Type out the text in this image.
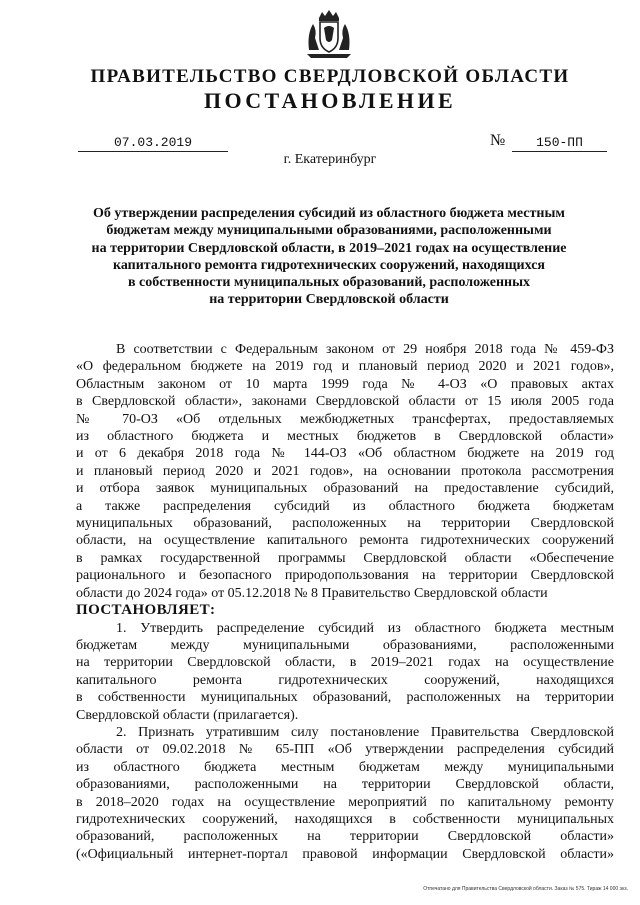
ПРАВИТЕЛЬСТВО СВЕРДЛОВСКОЙ ОБЛАСТИ
ПОСТАНОВЛЕНИЕ
07.03.2019	№	150-ПП
г. Екатеринбург
Об утверждении распределения субсидий из областного бюджета местным
бюджетам между муниципальными образованиями, расположенными
на территории Свердловской области, в 2019–2021 годах на осуществление
капитального ремонта гидротехнических сооружений, находящихся
в собственности муниципальных образований, расположенных
на территории Свердловской области
В соответствии с Федеральным законом от 29 ноября 2018 года № 459-ФЗ
«О федеральном бюджете на 2019 год и плановый период 2020 и 2021 годов»,
Областным законом от 10 марта 1999 года № 4-ОЗ «О правовых актах
в Свердловской области», законами Свердловской области от 15 июля 2005 года
№ 70-ОЗ «Об отдельных межбюджетных трансфертах, предоставляемых
из областного бюджета и местных бюджетов в Свердловской области»
и от 6 декабря 2018 года № 144-ОЗ «Об областном бюджете на 2019 год
и плановый период 2020 и 2021 годов», на основании протокола рассмотрения
и отбора заявок муниципальных образований на предоставление субсидий,
а также распределения субсидий из областного бюджета бюджетам
муниципальных образований, расположенных на территории Свердловской
области, на осуществление капитального ремонта гидротехнических сооружений
в рамках государственной программы Свердловской области «Обеспечение
рационального и безопасного природопользования на территории Свердловской
области до 2024 года» от 05.12.2018 № 8 Правительство Свердловской области
ПОСТАНОВЛЯЕТ:
1. Утвердить распределение субсидий из областного бюджета местным
бюджетам между муниципальными образованиями, расположенными
на территории Свердловской области, в 2019–2021 годах на осуществление
капитального ремонта гидротехнических сооружений, находящихся
в собственности муниципальных образований, расположенных на территории
Свердловской области (прилагается).
2. Признать утратившим силу постановление Правительства Свердловской
области от 09.02.2018 № 65-ПП «Об утверждении распределения субсидий
из областного бюджета местным бюджетам между муниципальными
образованиями, расположенными на территории Свердловской области,
в 2018–2020 годах на осуществление мероприятий по капитальному ремонту
гидротехнических сооружений, находящихся в собственности муниципальных
образований, расположенных на территории Свердловской области»
(«Официальный интернет-портал правовой информации Свердловской области»
Отпечатано для Правительства Свердловской области. Заказ № 575. Тираж 14 000 экз.
